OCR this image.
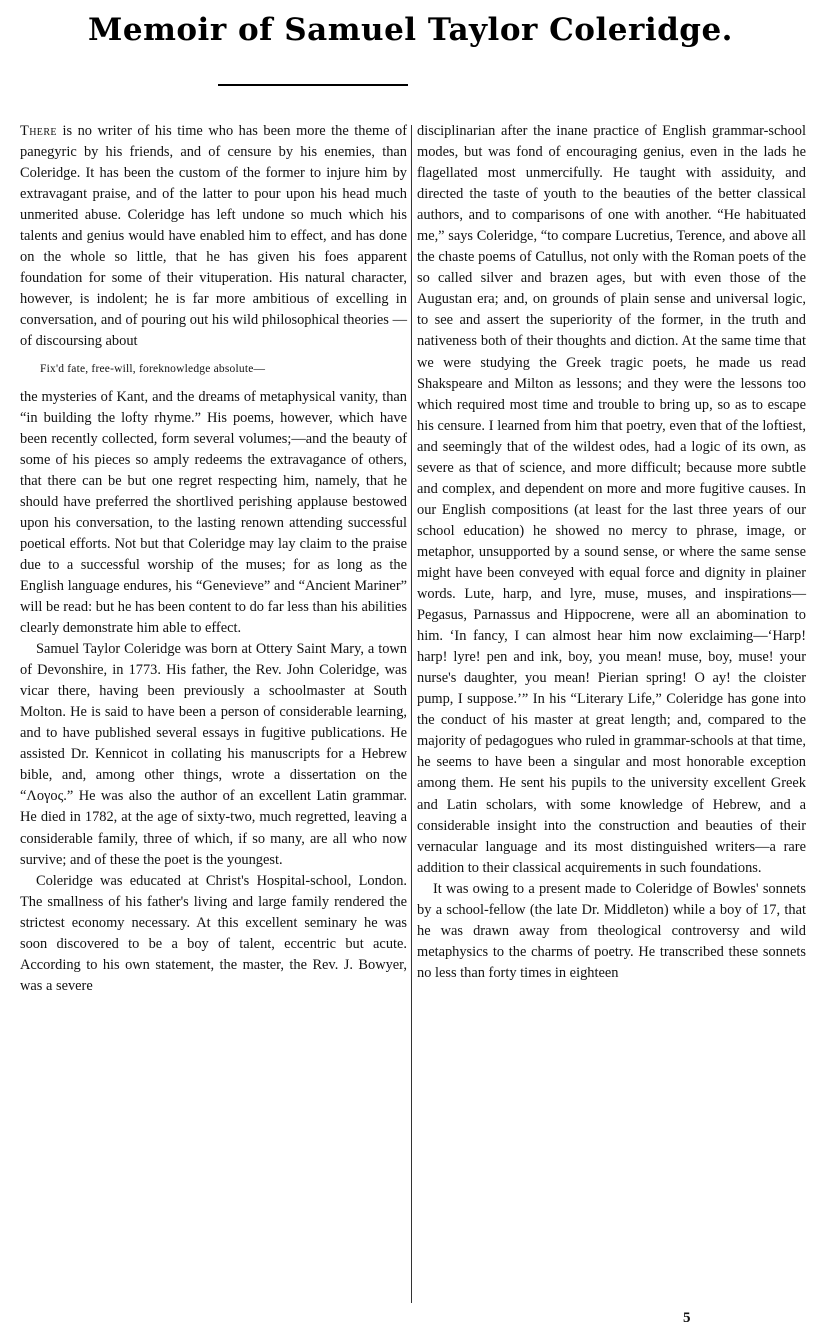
Memoir of Samuel Taylor Coleridge.

There is no writer of his time who has been more the theme of panegyric by his friends, and of censure by his enemies, than Coleridge. It has been the custom of the former to injure him by extravagant praise, and of the latter to pour upon his head much unmerited abuse. Coleridge has left undone so much which his talents and genius would have enabled him to effect, and has done on the whole so little, that he has given his foes apparent foundation for some of their vituperation. His natural character, however, is indolent; he is far more ambitious of excelling in conversation, and of pouring out his wild philosophical theories —of discoursing about

Fix'd fate, free-will, foreknowledge absolute—

the mysteries of Kant, and the dreams of metaphysical vanity, than “in building the lofty rhyme.” His poems, however, which have been recently collected, form several volumes;—and the beauty of some of his pieces so amply redeems the extravagance of others, that there can be but one regret respecting him, namely, that he should have preferred the shortlived perishing applause bestowed upon his conversation, to the lasting renown attending successful poetical efforts. Not but that Coleridge may lay claim to the praise due to a successful worship of the muses; for as long as the English language endures, his “Genevieve” and “Ancient Mariner” will be read: but he has been content to do far less than his abilities clearly demonstrate him able to effect.

Samuel Taylor Coleridge was born at Ottery Saint Mary, a town of Devonshire, in 1773. His father, the Rev. John Coleridge, was vicar there, having been previously a schoolmaster at South Molton. He is said to have been a person of considerable learning, and to have published several essays in fugitive publications. He assisted Dr. Kennicot in collating his manuscripts for a Hebrew bible, and, among other things, wrote a dissertation on the “Λογος.” He was also the author of an excellent Latin grammar. He died in 1782, at the age of sixty-two, much regretted, leaving a considerable family, three of which, if so many, are all who now survive; and of these the poet is the youngest.

Coleridge was educated at Christ's Hospital-school, London. The smallness of his father's living and large family rendered the strictest economy necessary. At this excellent seminary he was soon discovered to be a boy of talent, eccentric but acute. According to his own statement, the master, the Rev. J. Bowyer, was a severe

disciplinarian after the inane practice of English grammar-school modes, but was fond of encouraging genius, even in the lads he flagellated most unmercifully. He taught with assiduity, and directed the taste of youth to the beauties of the better classical authors, and to comparisons of one with another. “He habituated me,” says Coleridge, “to compare Lucretius, Terence, and above all the chaste poems of Catullus, not only with the Roman poets of the so called silver and brazen ages, but with even those of the Augustan era; and, on grounds of plain sense and universal logic, to see and assert the superiority of the former, in the truth and nativeness both of their thoughts and diction. At the same time that we were studying the Greek tragic poets, he made us read Shakspeare and Milton as lessons; and they were the lessons too which required most time and trouble to bring up, so as to escape his censure. I learned from him that poetry, even that of the loftiest, and seemingly that of the wildest odes, had a logic of its own, as severe as that of science, and more difficult; because more subtle and complex, and dependent on more and more fugitive causes. In our English compositions (at least for the last three years of our school education) he showed no mercy to phrase, image, or metaphor, unsupported by a sound sense, or where the same sense might have been conveyed with equal force and dignity in plainer words. Lute, harp, and lyre, muse, muses, and inspirations—Pegasus, Parnassus and Hippocrene, were all an abomination to him. ‘In fancy, I can almost hear him now exclaiming—‘Harp! harp! lyre! pen and ink, boy, you mean! muse, boy, muse! your nurse's daughter, you mean! Pierian spring! O ay! the cloister pump, I suppose.’” In his “Literary Life,” Coleridge has gone into the conduct of his master at great length; and, compared to the majority of pedagogues who ruled in grammar-schools at that time, he seems to have been a singular and most honorable exception among them. He sent his pupils to the university excellent Greek and Latin scholars, with some knowledge of Hebrew, and a considerable insight into the construction and beauties of their vernacular language and its most distinguished writers—a rare addition to their classical acquirements in such foundations.

It was owing to a present made to Coleridge of Bowles' sonnets by a school-fellow (the late Dr. Middleton) while a boy of 17, that he was drawn away from theological controversy and wild metaphysics to the charms of poetry. He transcribed these sonnets no less than forty times in eighteen

5
